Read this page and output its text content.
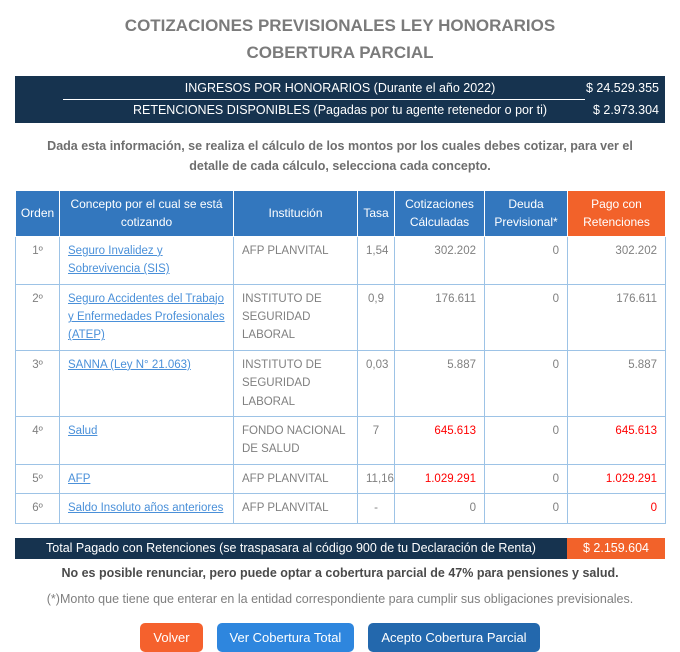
COTIZACIONES PREVISIONALES LEY HONORARIOS
COBERTURA PARCIAL
INGRESOS POR HONORARIOS (Durante el año 2022)	$ 24.529.355
RETENCIONES DISPONIBLES (Pagadas por tu agente retenedor o por ti)	$ 2.973.304

Dada esta información, se realiza el cálculo de los montos por los cuales debes cotizar, para ver el detalle de cada cálculo, selecciona cada concepto.

Orden	Concepto por el cual se está cotizando	Institución	Tasa	Cotizaciones Cálculadas	Deuda Previsional*	Pago con Retenciones
1º	Seguro Invalidez y Sobrevivencia (SIS)	AFP PLANVITAL	1,54	302.202	0	302.202
2º	Seguro Accidentes del Trabajo y Enfermedades Profesionales (ATEP)	INSTITUTO DE SEGURIDAD LABORAL	0,9	176.611	0	176.611
3º	SANNA (Ley N° 21.063)	INSTITUTO DE SEGURIDAD LABORAL	0,03	5.887	0	5.887
4º	Salud	FONDO NACIONAL DE SALUD	7	645.613	0	645.613
5º	AFP	AFP PLANVITAL	11,16	1.029.291	0	1.029.291
6º	Saldo Insoluto años anteriores	AFP PLANVITAL	-	0	0	0
Total Pagado con Retenciones (se traspasara al código 900 de tu Declaración de Renta)	$ 2.159.604

No es posible renunciar, pero puede optar a cobertura parcial de 47% para pensiones y salud.

(*)Monto que tiene que enterar en la entidad correspondiente para cumplir sus obligaciones previsionales.

Volver	Ver Cobertura Total	Acepto Cobertura Parcial
